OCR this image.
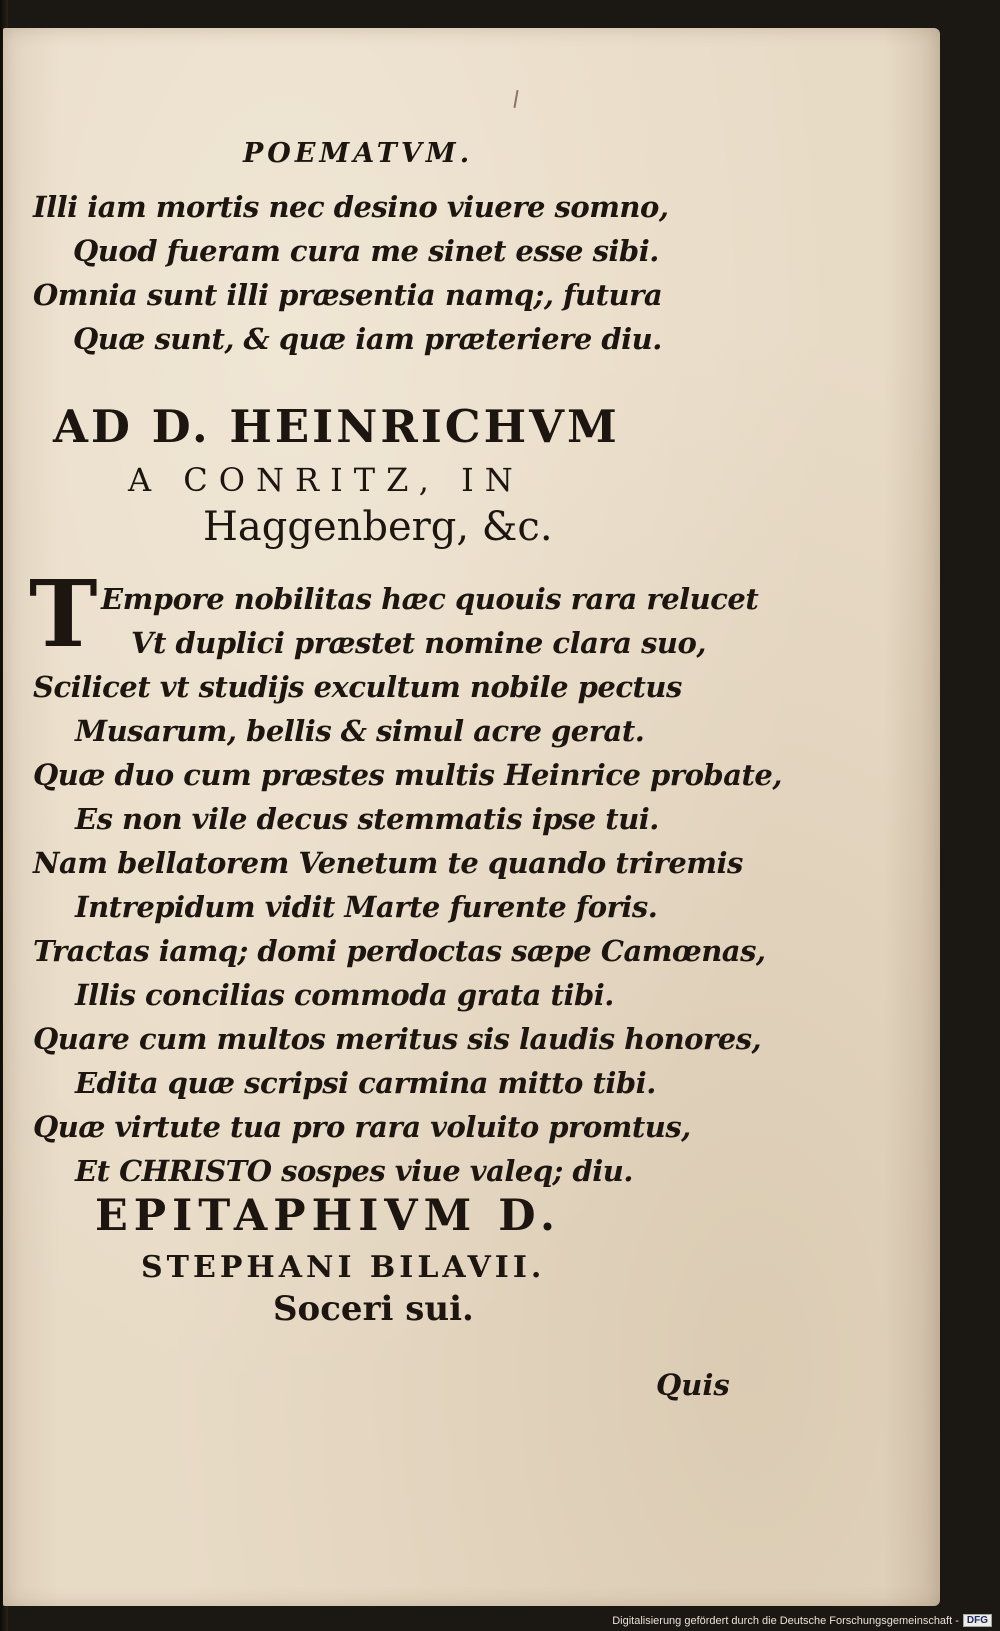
POEMATVM.
Illi iam mortis nec desino viuere somno,
Quod fueram cura me sinet esse sibi.
Omnia sunt illi præsentia namq;, futura
Quæ sunt, & quæ iam præteriere diu.
AD D. HEINRICHVM
A CONRITZ, IN
Haggenberg, &c.
T Empore nobilitas hæc quouis rara relucet
Vt duplici præstet nomine clara suo,
Scilicet vt studijs excultum nobile pectus
Musarum, bellis & simul acre gerat.
Quæ duo cum præstes multis Heinrice probate,
Es non vile decus stemmatis ipse tui.
Nam bellatorem Venetum te quando triremis
Intrepidum vidit Marte furente foris.
Tractas iamq; domi perdoctas sæpe Camœnas,
Illis concilias commoda grata tibi.
Quare cum multos meritus sis laudis honores,
Edita quæ scripsi carmina mitto tibi.
Quæ virtute tua pro rara voluito promtus,
Et CHRISTO sospes viue valeq; diu.
EPITAPHIVM D.
STEPHANI BILAVII.
Soceri sui.
Quis
Digitalisierung gefördert durch die Deutsche Forschungsgemeinschaft - DFG
